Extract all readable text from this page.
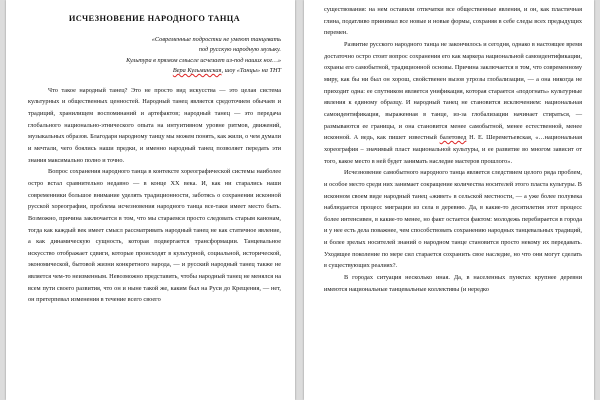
ИСЧЕЗНОВЕНИЕ НАРОДНОГО ТАНЦА
«Современные подростки не умеют танцевать
под русскую народную музыку.
Культура в прямом смысле исчезает из-под наших ног…»
Вера Кульминская, шоу «Танцы» на ТНТ

Что такое народный танец? Это не просто вид искусства — это целая система культурных и общественных ценностей. Народный танец является средоточием обычаев и традиций, хранилищем воспоминаний и артефактов; народный танец — это передача глобального национально-этнического опыта на интуитивном уровне ритмов, движений, музыкальных образов. Благодаря народному танцу мы можем понять, как жили, о чем думали и мечтали, чего боялись наши предки, и именно народный танец позволяет передать эти знания максимально полно и точно.

Вопрос сохранения народного танца в контексте хореографической системы наиболее остро встал сравнительно недавно — в конце XX века. И, как ни старались наши современники большое внимание уделять традиционности, заботясь о сохранении исконной русской хореографии, проблема исчезновения народного танца все-таки имеет место быть. Возможно, причина заключается в том, что мы стараемся просто следовать старым канонам, тогда как каждый век имеет смысл рассматривать народный танец не как статичное явление, а как динамическую сущность, которая подвергается трансформации. Танцевальное искусство отображает сдвиги, которые происходят в культурной, социальной, исторической, экономической, бытовой жизни конкретного народа, — и русский народный танец также не является чем-то неизменным. Невозможно представить, чтобы народный танец не менялся на всем пути своего развития, что он и ныне такой же, каким был на Руси до Крещения, — нет, он претерпевал изменения в течение всего своего

существования: на нем оставили отпечатки все общественные явления, и он, как пластичная глина, податливо принимал все новые и новые формы, сохраняя в себе следы всех предыдущих перемен.

Развитие русского народного танца не закончилось и сегодня, однако в настоящее время достаточно остро стоит вопрос сохранения его как маркера национальной самоидентификации, охраны его самобытной, традиционной основы. Причина заключается в том, что современному миру, как бы ни был он хорош, свойственен вызов угрозы глобализации, — а она никогда не приходит одна: ее спутником является унификация, которая старается «подогнать» культурные явления к единому образцу. И народный танец не становится исключением: национальная самоидентификация, выраженная в танце, из-за глобализации начинает стираться, — размываются ее границы, и она становится менее самобытной, менее естественной, менее исконной. А ведь, как пишет известный балетовед Н. Е. Шереметьевская, «…национальная хореография – значимый пласт национальной культуры, и ее развитие во многом зависит от того, какое место в ней будет занимать наследие мастеров прошлого».

Исчезновение самобытного народного танца является следствием целого ряда проблем, и особое место среди них занимает сокращение количества носителей этого пласта культуры. В исконном своем виде народный танец «живет» в сельской местности, — а уже более полувека наблюдается процесс миграции из села в деревню. Да, в какие-то десятилетия этот процесс более интенсивен, в какие-то менее, но факт остается фактом: молодежь перебирается в города и у нее есть дела поважнее, чем способствовать сохранению народных танцевальных традиций, и более зрелых носителей знаний о народном танце становится просто некому их передавать. Уходящее поколение по мере сил старается сохранить свое наследие, но что они могут сделать в существующих реалиях?.

В городах ситуация несколько иная. Да, в населенных пунктах крупнее деревни имеются национальные танцевальные коллективы (и нередко
